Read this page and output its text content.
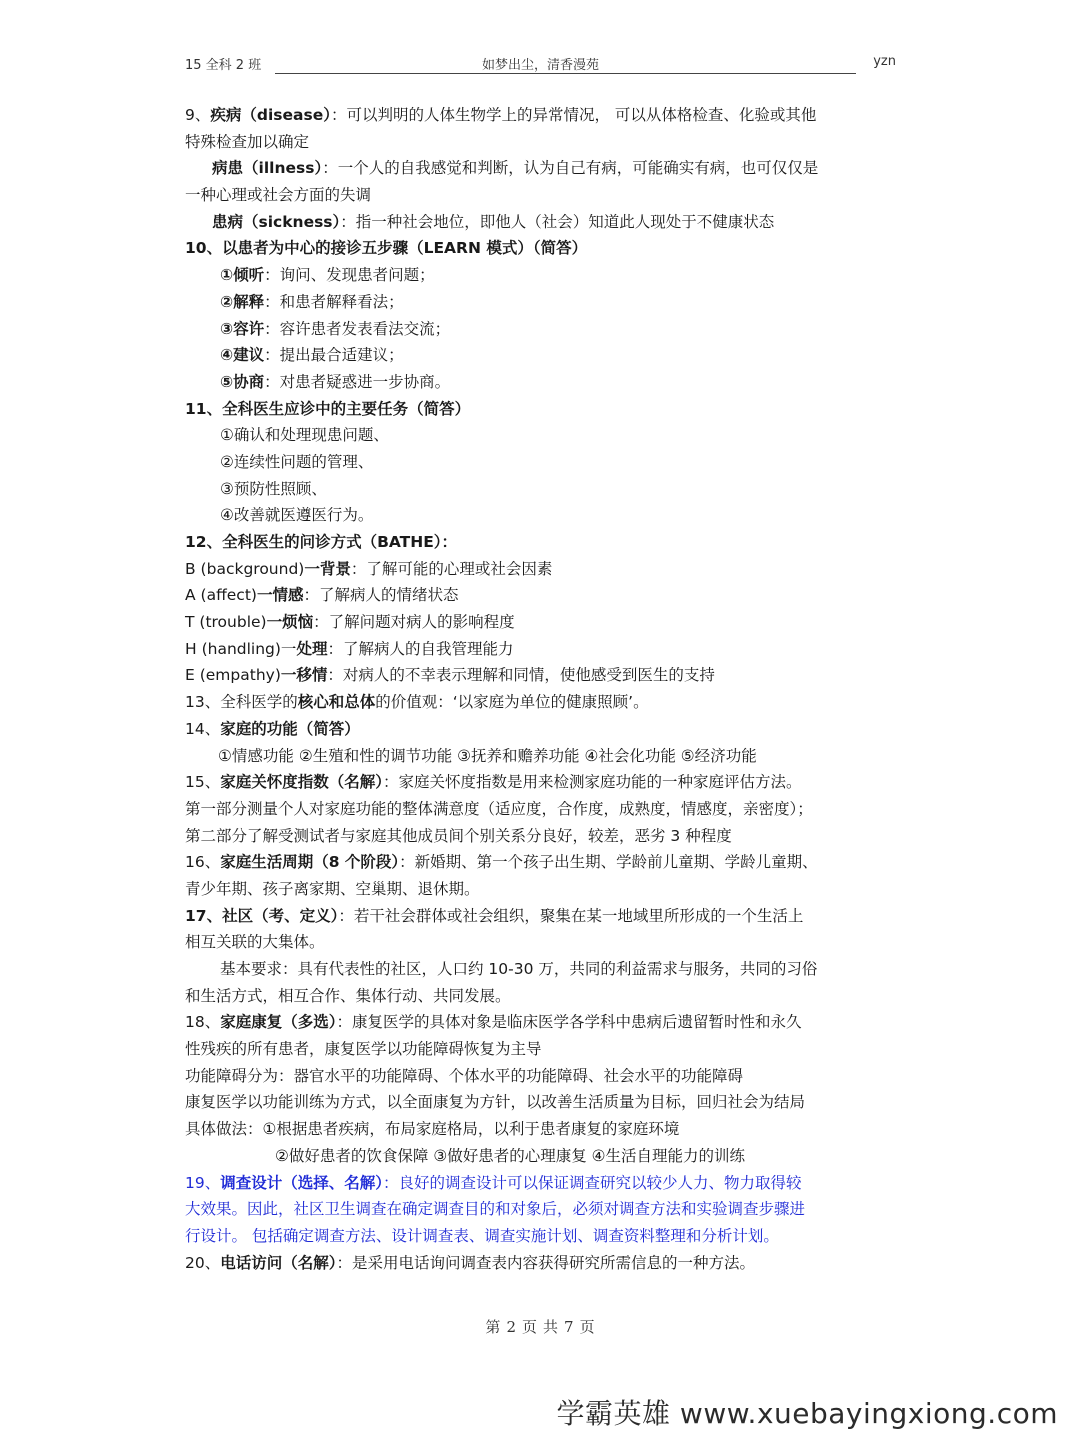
15 全科 2 班	如梦出尘，清香漫苑	yzn
9、疾病（disease）：可以判明的人体生物学上的异常情况， 可以从体格检查、化验或其他
特殊检查加以确定
病患（illness）：一个人的自我感觉和判断，认为自己有病，可能确实有病，也可仅仅是
一种心理或社会方面的失调
患病（sickness）：指一种社会地位，即他人（社会）知道此人现处于不健康状态
10、以患者为中心的接诊五步骤（LEARN 模式）（简答）
①倾听：询问、发现患者问题；
②解释：和患者解释看法；
③容许：容许患者发表看法交流；
④建议：提出最合适建议；
⑤协商：对患者疑惑进一步协商。
11、全科医生应诊中的主要任务（简答）
①确认和处理现患问题、
②连续性问题的管理、
③预防性照顾、
④改善就医遵医行为。
12、全科医生的问诊方式（BATHE）：
B (background)一背景：了解可能的心理或社会因素
A (affect)一情感：了解病人的情绪状态
T (trouble)一烦恼：了解问题对病人的影响程度
H (handling)一处理：了解病人的自我管理能力
E (empathy)一移情：对病人的不幸表示理解和同情，使他感受到医生的支持
13、全科医学的核心和总体的价值观：‘以家庭为单位的健康照顾’。
14、家庭的功能（简答）
①情感功能 ②生殖和性的调节功能 ③抚养和赡养功能 ④社会化功能 ⑤经济功能
15、家庭关怀度指数（名解）：家庭关怀度指数是用来检测家庭功能的一种家庭评估方法。
第一部分测量个人对家庭功能的整体满意度（适应度，合作度，成熟度，情感度，亲密度）；
第二部分了解受测试者与家庭其他成员间个别关系分良好，较差，恶劣 3 种程度
16、家庭生活周期（8 个阶段）：新婚期、第一个孩子出生期、学龄前儿童期、学龄儿童期、
青少年期、孩子离家期、空巢期、退休期。
17、社区（考、定义）：若干社会群体或社会组织，聚集在某一地域里所形成的一个生活上
相互关联的大集体。
基本要求：具有代表性的社区，人口约 10-30 万，共同的利益需求与服务，共同的习俗
和生活方式，相互合作、集体行动、共同发展。
18、家庭康复（多选）：康复医学的具体对象是临床医学各学科中患病后遗留暂时性和永久
性残疾的所有患者，康复医学以功能障碍恢复为主导
功能障碍分为：器官水平的功能障碍、个体水平的功能障碍、社会水平的功能障碍
康复医学以功能训练为方式，以全面康复为方针，以改善生活质量为目标，回归社会为结局
具体做法：①根据患者疾病，布局家庭格局，以利于患者康复的家庭环境
②做好患者的饮食保障 ③做好患者的心理康复 ④生活自理能力的训练
19、调查设计（选择、名解）：良好的调查设计可以保证调查研究以较少人力、物力取得较
大效果。因此，社区卫生调查在确定调查目的和对象后，必须对调查方法和实验调查步骤进
行设计。 包括确定调查方法、设计调查表、调查实施计划、调查资料整理和分析计划。
20、电话访问（名解）：是采用电话询问调查表内容获得研究所需信息的一种方法。
第 2 页 共 7 页
学霸英雄 www.xuebayingxiong.com
